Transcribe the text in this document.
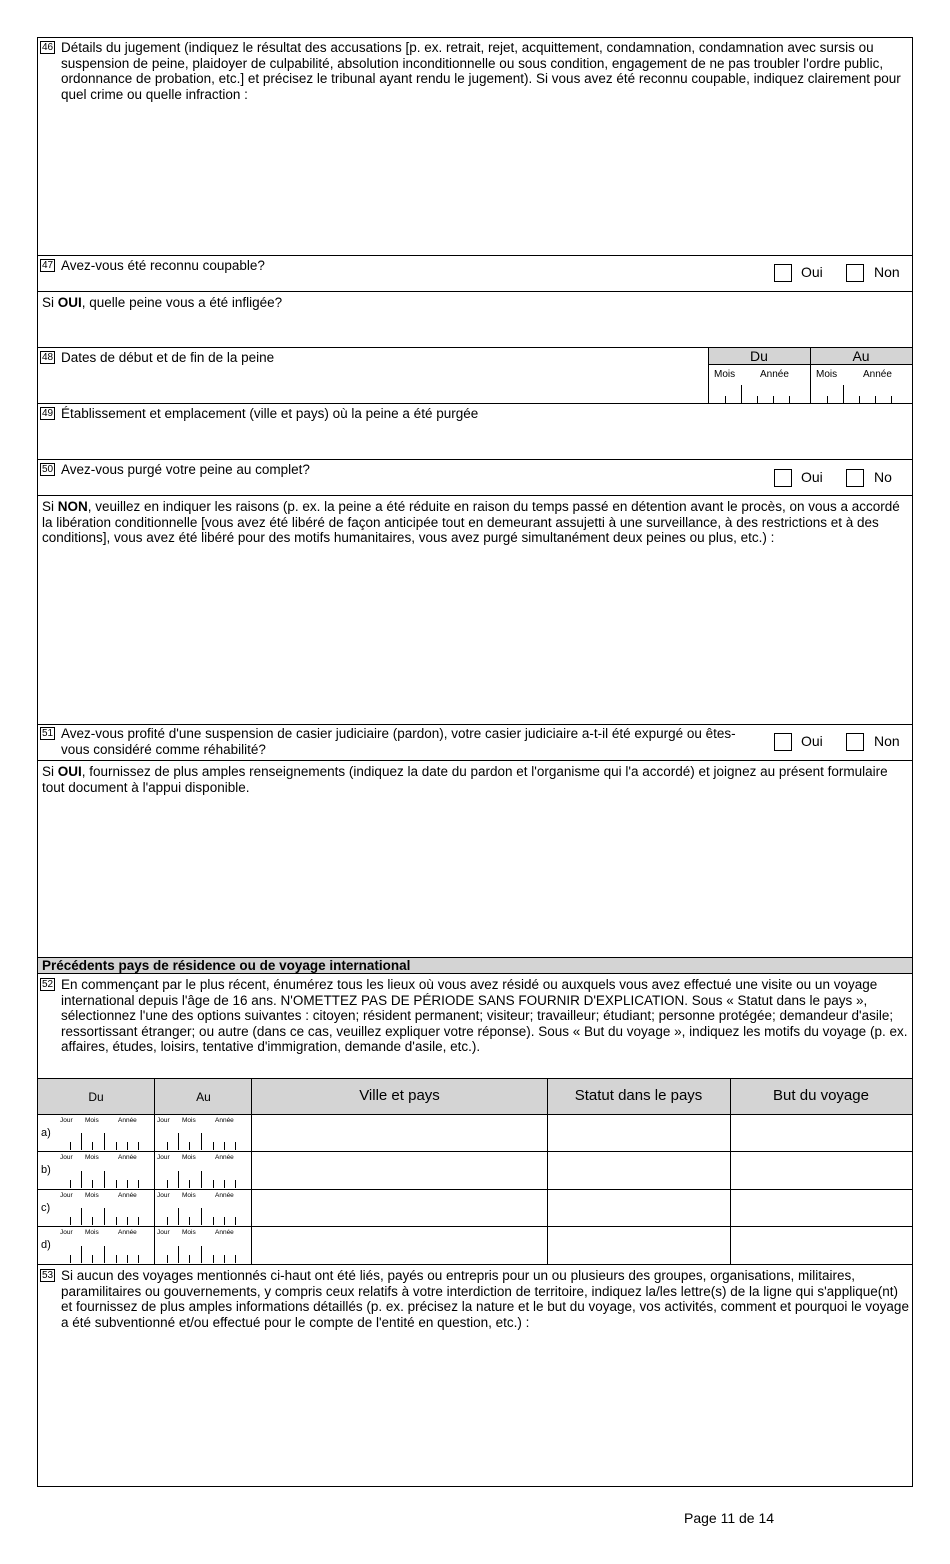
46 Détails du jugement (indiquez le résultat des accusations [p. ex. retrait, rejet, acquittement, condamnation, condamnation avec sursis ou suspension de peine, plaidoyer de culpabilité, absolution inconditionnelle ou sous condition, engagement de ne pas troubler l'ordre public, ordonnance de probation, etc.] et précisez le tribunal ayant rendu le jugement). Si vous avez été reconnu coupable, indiquez clairement pour quel crime ou quelle infraction :
47 Avez-vous été reconnu coupable?	Oui	Non
Si OUI, quelle peine vous a été infligée?
48 Dates de début et de fin de la peine	Du	Au
Mois Année	Mois	Année
49 Établissement et emplacement (ville et pays) où la peine a été purgée
50 Avez-vous purgé votre peine au complet?	Oui	No
Si NON, veuillez en indiquer les raisons (p. ex. la peine a été réduite en raison du temps passé en détention avant le procès, on vous a accordé la libération conditionnelle [vous avez été libéré de façon anticipée tout en demeurant assujetti à une surveillance, à des restrictions et à des conditions], vous avez été libéré pour des motifs humanitaires, vous avez purgé simultanément deux peines ou plus, etc.) :
51 Avez-vous profité d'une suspension de casier judiciaire (pardon), votre casier judiciaire a-t-il été expurgé ou êtes-vous considéré comme réhabilité?	Oui	Non
Si OUI, fournissez de plus amples renseignements (indiquez la date du pardon et l'organisme qui l'a accordé) et joignez au présent formulaire tout document à l'appui disponible.
Précédents pays de résidence ou de voyage international
52 En commençant par le plus récent, énumérez tous les lieux où vous avez résidé ou auxquels vous avez effectué une visite ou un voyage international depuis l'âge de 16 ans. N'OMETTEZ PAS DE PÉRIODE SANS FOURNIR D'EXPLICATION. Sous « Statut dans le pays », sélectionnez l'une des options suivantes : citoyen; résident permanent; visiteur; travailleur; étudiant; personne protégée; demandeur d'asile; ressortissant étranger; ou autre (dans ce cas, veuillez expliquer votre réponse). Sous « But du voyage », indiquez les motifs du voyage (p. ex. affaires, études, loisirs, tentative d'immigration, demande d'asile, etc.).
Du	Au	Ville et pays	Statut dans le pays	But du voyage
a)
Jour Mois	Année	Jour Mois	Année
b)
Jour Mois	Année	Jour Mois	Année
c)
Jour Mois	Année	Jour Mois	Année
d)
Jour Mois	Année	Jour Mois	Année
53 Si aucun des voyages mentionnés ci-haut ont été liés, payés ou entrepris pour un ou plusieurs des groupes, organisations, militaires, paramilitaires ou gouvernements, y compris ceux relatifs à votre interdiction de territoire, indiquez la/les lettre(s) de la ligne qui s'applique(nt) et fournissez de plus amples informations détaillés (p. ex. précisez la nature et le but du voyage, vos activités, comment et pourquoi le voyage a été subventionné et/ou effectué pour le compte de l'entité en question, etc.) :
Page 11 de 14
